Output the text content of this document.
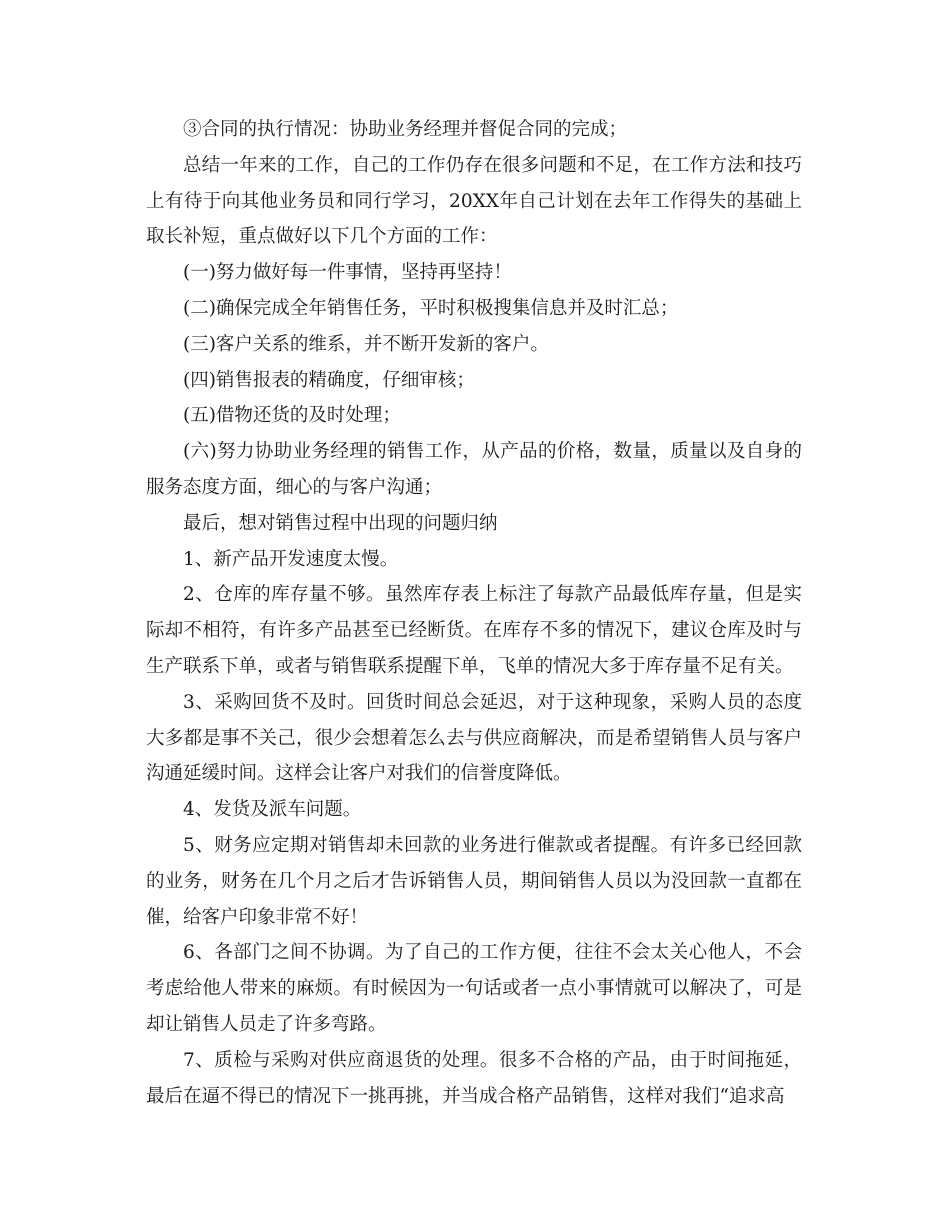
③合同的执行情况：协助业务经理并督促合同的完成；

总结一年来的工作，自己的工作仍存在很多问题和不足，在工作方法和技巧上有待于向其他业务员和同行学习，20XX年自己计划在去年工作得失的基础上取长补短，重点做好以下几个方面的工作：

(一)努力做好每一件事情，坚持再坚持！

(二)确保完成全年销售任务，平时积极搜集信息并及时汇总；

(三)客户关系的维系，并不断开发新的客户。

(四)销售报表的精确度，仔细审核；

(五)借物还货的及时处理；

(六)努力协助业务经理的销售工作，从产品的价格，数量，质量以及自身的服务态度方面，细心的与客户沟通；

最后，想对销售过程中出现的问题归纳

1、新产品开发速度太慢。

2、仓库的库存量不够。虽然库存表上标注了每款产品最低库存量，但是实际却不相符，有许多产品甚至已经断货。在库存不多的情况下，建议仓库及时与生产联系下单，或者与销售联系提醒下单，飞单的情况大多于库存量不足有关。

3、采购回货不及时。回货时间总会延迟，对于这种现象，采购人员的态度大多都是事不关己，很少会想着怎么去与供应商解决，而是希望销售人员与客户沟通延缓时间。这样会让客户对我们的信誉度降低。

4、发货及派车问题。

5、财务应定期对销售却未回款的业务进行催款或者提醒。有许多已经回款的业务，财务在几个月之后才告诉销售人员，期间销售人员以为没回款一直都在催，给客户印象非常不好！

6、各部门之间不协调。为了自己的工作方便，往往不会太关心他人，不会考虑给他人带来的麻烦。有时候因为一句话或者一点小事情就可以解决了，可是却让销售人员走了许多弯路。

7、质检与采购对供应商退货的处理。很多不合格的产品，由于时间拖延，最后在逼不得已的情况下一挑再挑，并当成合格产品销售，这样对我们“追求高
